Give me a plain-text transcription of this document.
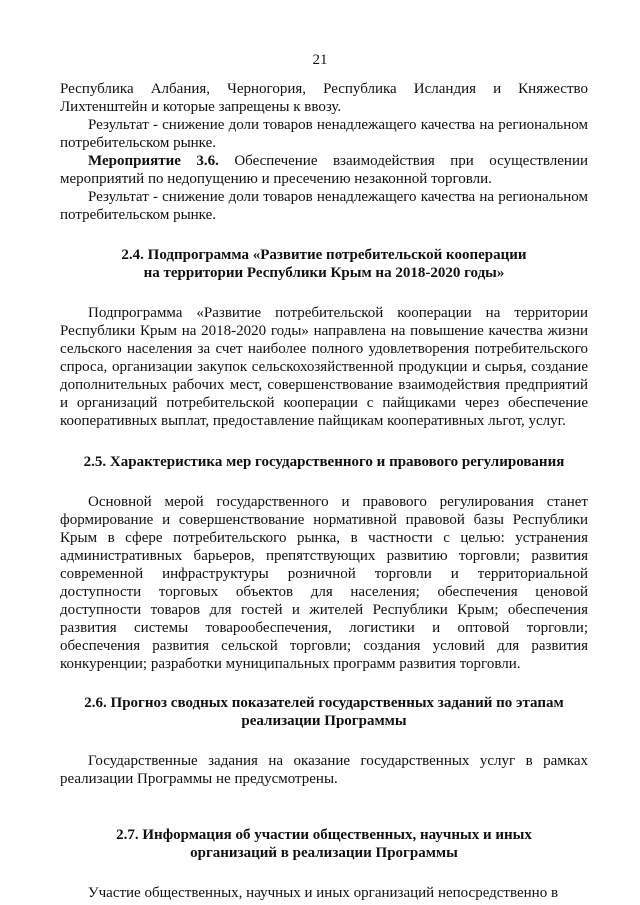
21

Республика Албания, Черногория, Республика Исландия и Княжество Лихтенштейн и которые запрещены к ввозу.

Результат - снижение доли товаров ненадлежащего качества на региональном потребительском рынке.

Мероприятие 3.6. Обеспечение взаимодействия при осуществлении мероприятий по недопущению и пресечению незаконной торговли.

Результат - снижение доли товаров ненадлежащего качества на региональном потребительском рынке.

2.4. Подпрограмма «Развитие потребительской кооперации
на территории Республики Крым на 2018-2020 годы»

Подпрограмма «Развитие потребительской кооперации на территории Республики Крым на 2018-2020 годы» направлена на повышение качества жизни сельского населения за счет наиболее полного удовлетворения потребительского спроса, организации закупок сельскохозяйственной продукции и сырья, создание дополнительных рабочих мест, совершенствование взаимодействия предприятий и организаций потребительской кооперации с пайщиками через обеспечение кооперативных выплат, предоставление пайщикам кооперативных льгот, услуг.

2.5. Характеристика мер государственного и правового регулирования

Основной мерой государственного и правового регулирования станет формирование и совершенствование нормативной правовой базы Республики Крым в сфере потребительского рынка, в частности с целью: устранения административных барьеров, препятствующих развитию торговли; развития современной инфраструктуры розничной торговли и территориальной доступности торговых объектов для населения; обеспечения ценовой доступности товаров для гостей и жителей Республики Крым; обеспечения развития системы товарообеспечения, логистики и оптовой торговли; обеспечения развития сельской торговли; создания условий для развития конкуренции; разработки муниципальных программ развития торговли.

2.6. Прогноз сводных показателей государственных заданий по этапам
реализации Программы

Государственные задания на оказание государственных услуг в рамках реализации Программы не предусмотрены.

2.7. Информация об участии общественных, научных и иных
организаций в реализации Программы

Участие общественных, научных и иных организаций непосредственно в
